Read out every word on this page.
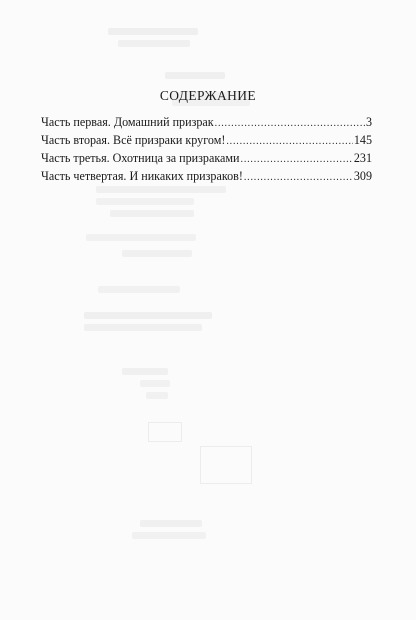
СОДЕРЖАНИЕ
Часть первая. Домашний призрак .....	3
Часть вторая. Всё призраки кругом! .....	145
Часть третья. Охотница за призраками .....	231
Часть четвертая. И никаких призраков! .....	309
